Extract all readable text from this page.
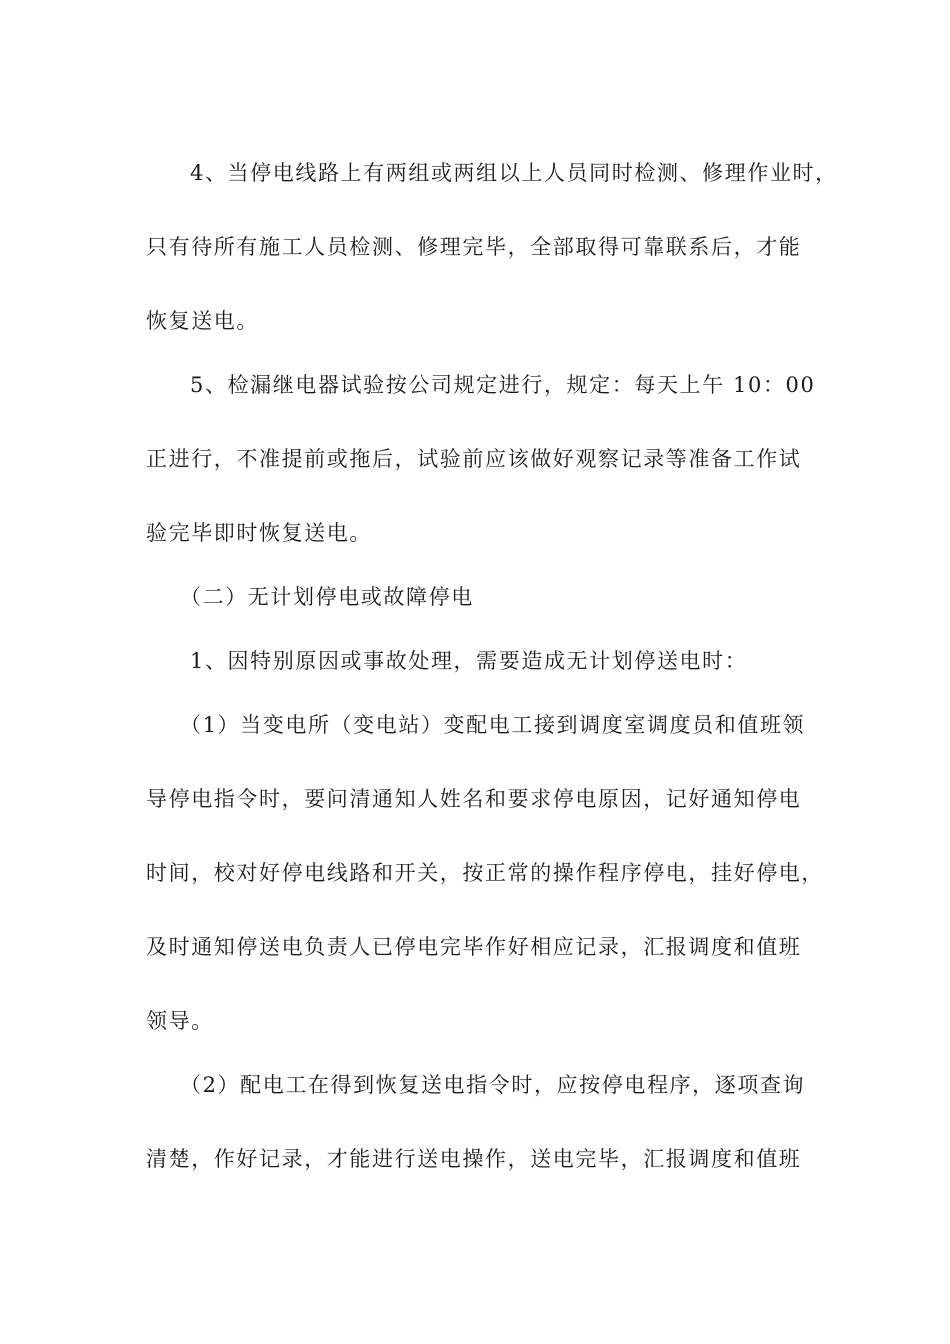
4、当停电线路上有两组或两组以上人员同时检测、修理作业时，

只有待所有施工人员检测、修理完毕，全部取得可靠联系后，才能

恢复送电。

5、检漏继电器试验按公司规定进行，规定：每天上午 10：00

正进行，不准提前或拖后，试验前应该做好观察记录等准备工作试

验完毕即时恢复送电。

（二）无计划停电或故障停电

1、因特别原因或事故处理，需要造成无计划停送电时：

（1）当变电所（变电站）变配电工接到调度室调度员和值班领

导停电指令时，要问清通知人姓名和要求停电原因，记好通知停电

时间，校对好停电线路和开关，按正常的操作程序停电，挂好停电，

及时通知停送电负责人已停电完毕作好相应记录，汇报调度和值班

领导。

（2）配电工在得到恢复送电指令时，应按停电程序，逐项查询

清楚，作好记录，才能进行送电操作，送电完毕，汇报调度和值班
